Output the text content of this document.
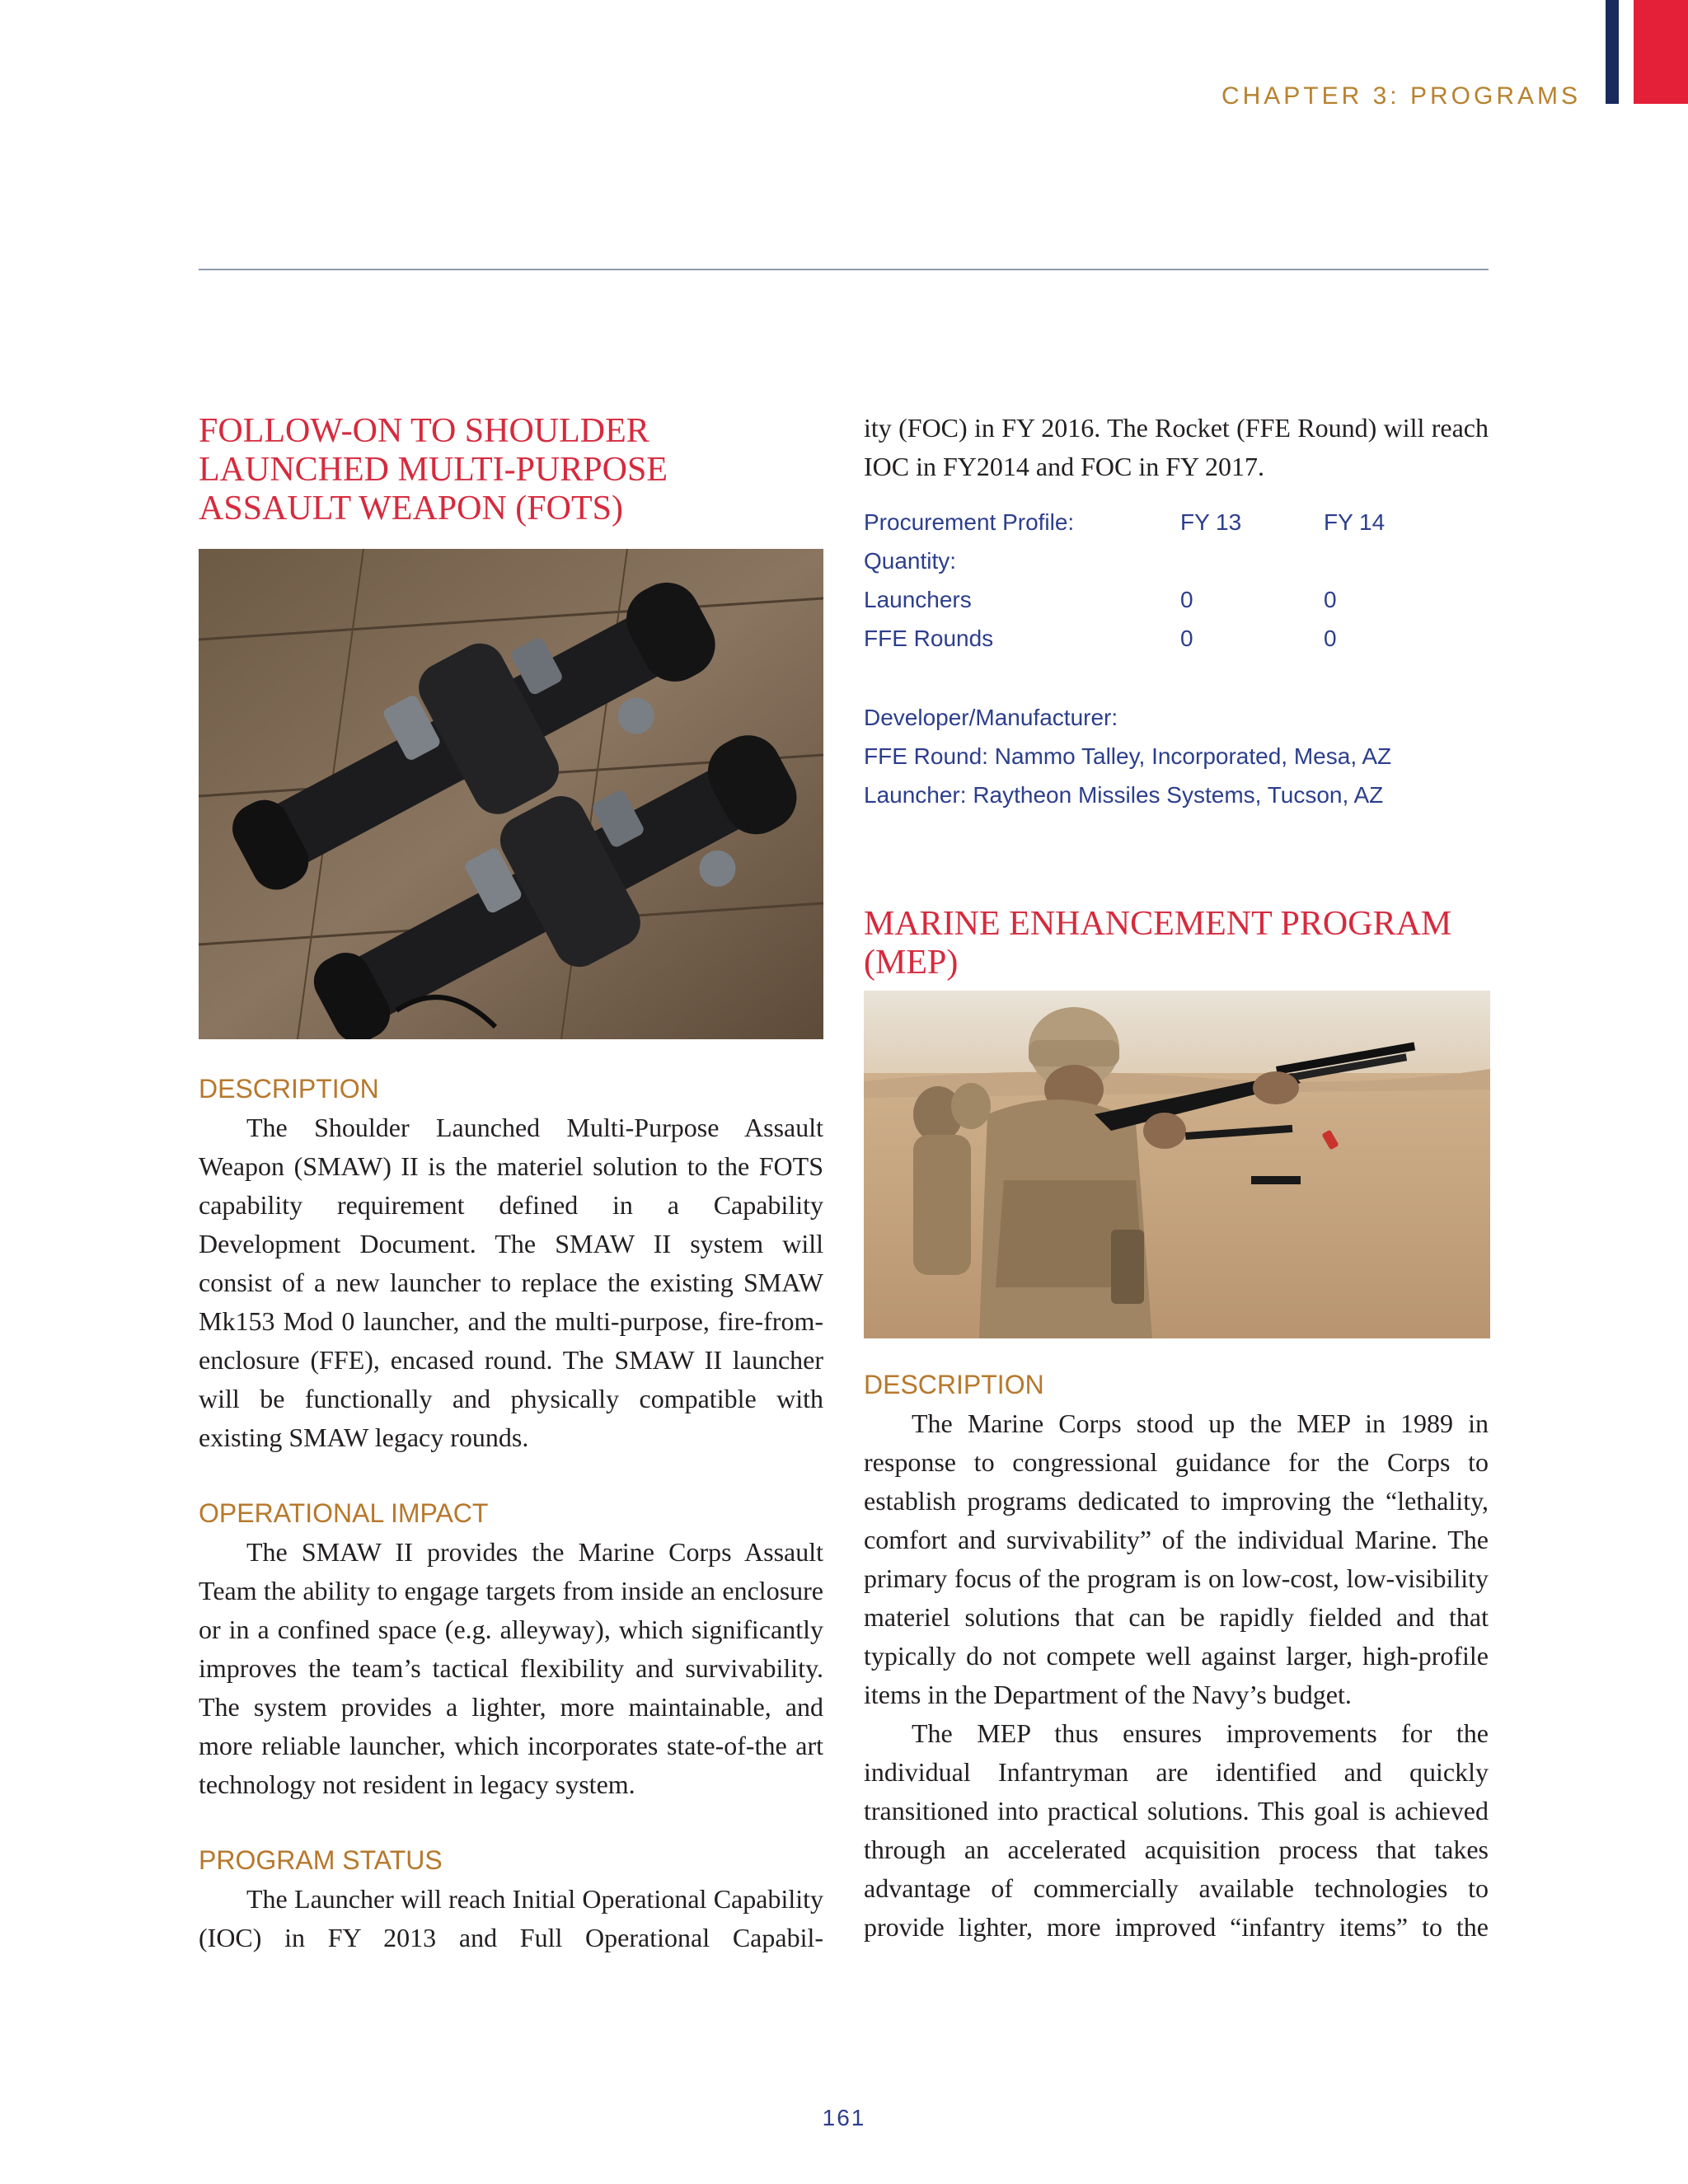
CHAPTER 3: PROGRAMS
FOLLOW-ON TO SHOULDER LAUNCHED MULTI-PURPOSE ASSAULT WEAPON (FOTS)
DESCRIPTION

The Shoulder Launched Multi-Purpose Assault Weapon (SMAW) II is the materiel solution to the FOTS capability requirement defined in a Capability Development Document. The SMAW II system will consist of a new launcher to replace the existing SMAW Mk153 Mod 0 launcher, and the multi-purpose, fire-from-enclosure (FFE), encased round. The SMAW II launcher will be functionally and physically compatible with existing SMAW legacy rounds.

OPERATIONAL IMPACT

The SMAW II provides the Marine Corps Assault Team the ability to engage targets from inside an enclosure or in a confined space (e.g. alleyway), which significantly improves the team’s tactical flexibility and survivability. The system provides a lighter, more maintainable, and more reliable launcher, which incorporates state-of-the art technology not resident in legacy system.

PROGRAM STATUS

The Launcher will reach Initial Operational Capability (IOC) in FY 2013 and Full Operational Capabil-

ity (FOC) in FY 2016. The Rocket (FFE Round) will reach IOC in FY2014 and FOC in FY 2017.

Procurement Profile:	FY 13	FY 14
Quantity:		
Launchers	0	0
FFE Rounds	0	0
Developer/Manufacturer:
FFE Round: Nammo Talley, Incorporated, Mesa, AZ
Launcher: Raytheon Missiles Systems, Tucson, AZ
MARINE ENHANCEMENT PROGRAM (MEP)
DESCRIPTION

The Marine Corps stood up the MEP in 1989 in response to congressional guidance for the Corps to establish programs dedicated to improving the “lethality, comfort and survivability” of the individual Marine. The primary focus of the program is on low-cost, low-visibility materiel solutions that can be rapidly fielded and that typically do not compete well against larger, high-profile items in the Department of the Navy’s budget.

The MEP thus ensures improvements for the individual Infantryman are identified and quickly transitioned into practical solutions. This goal is achieved through an accelerated acquisition process that takes advantage of commercially available technologies to provide lighter, more improved “infantry items” to the

161
